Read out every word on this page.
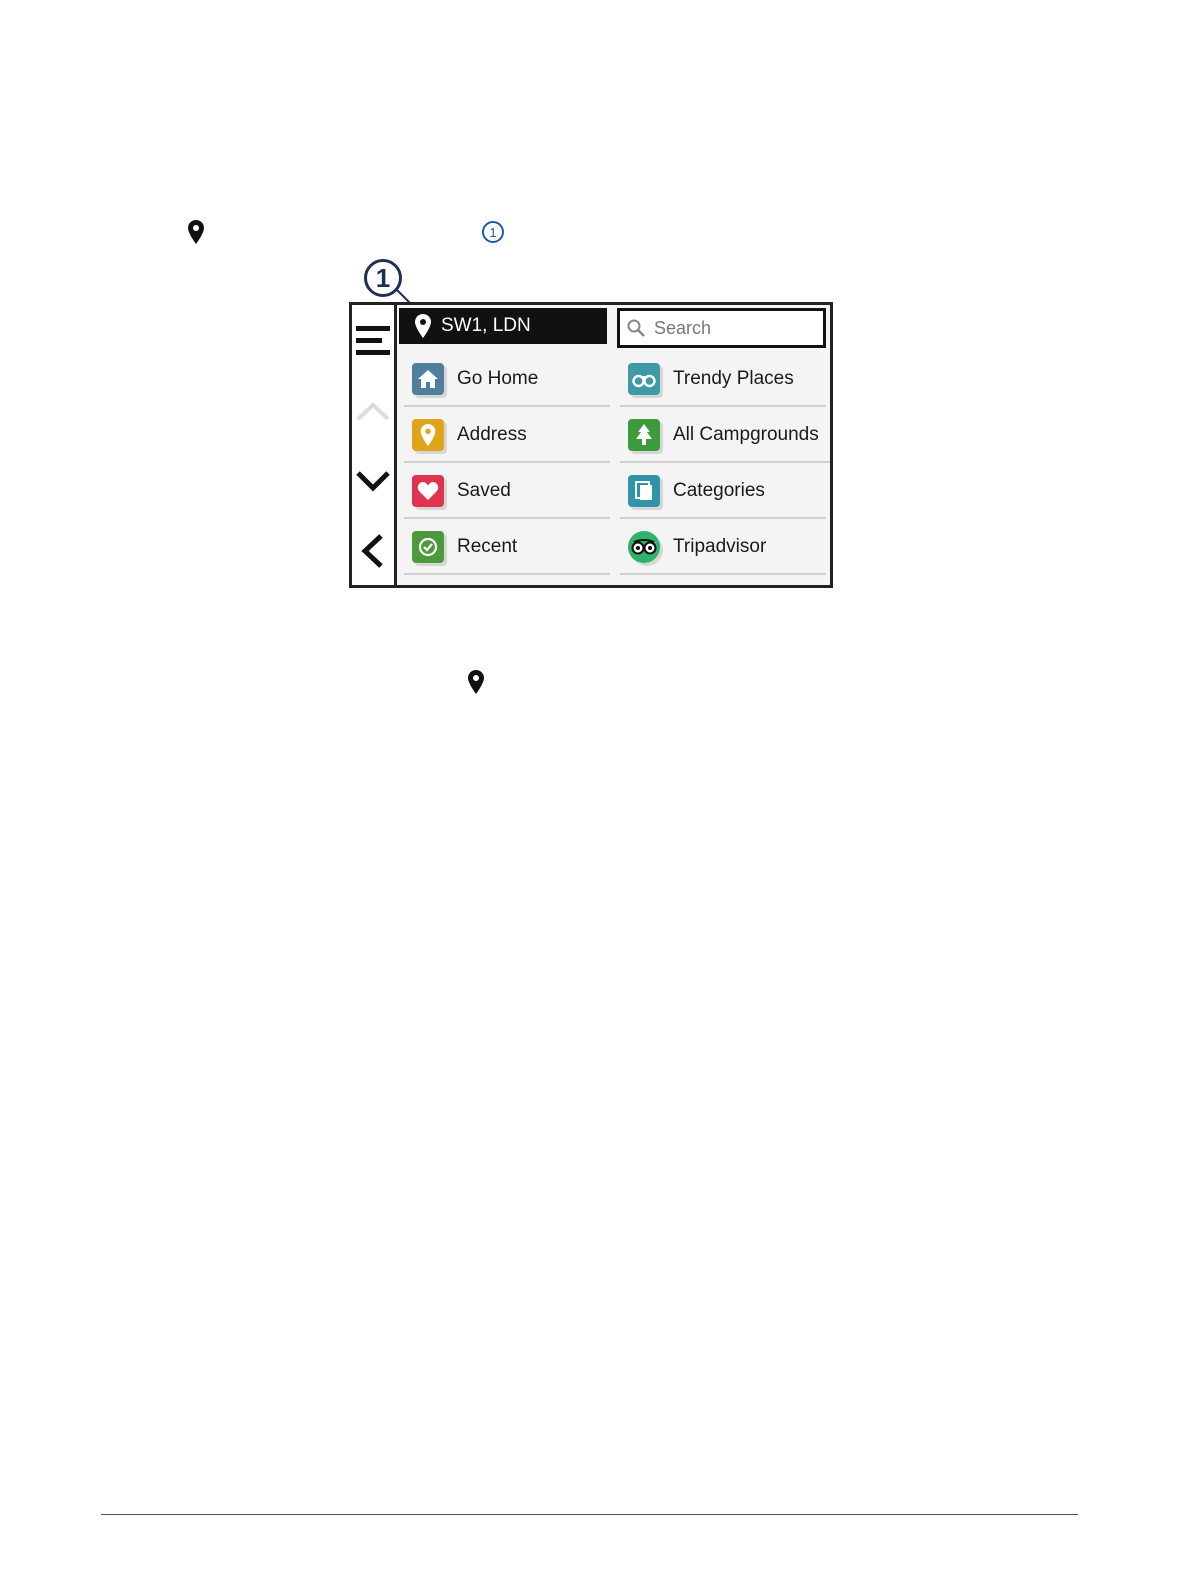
1
1
SW1, LDN	Search
Go Home	Trendy Places
Address	All Campgrounds
Saved	Categories
Recent	Tripadvisor
